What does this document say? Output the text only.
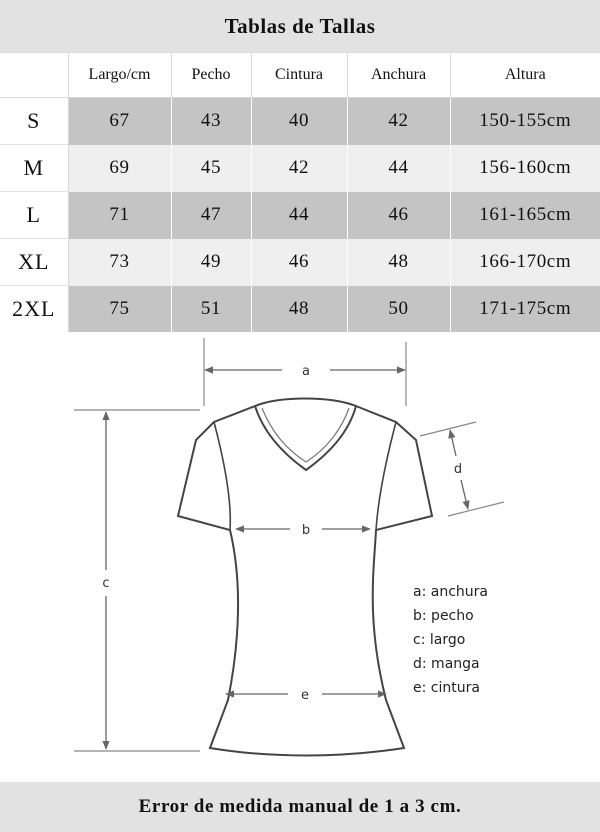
Tablas de Tallas
	Largo/cm	Pecho	Cintura	Anchura	Altura
S	67	43	40	42	150-155cm
M	69	45	42	44	156-160cm
L	71	47	44	46	161-165cm
XL	73	49	46	48	166-170cm
2XL	75	51	48	50	171-175cm
a
c
b
e
d
a: anchura
b: pecho
c: largo
d: manga
e: cintura
Error de medida manual de 1 a 3 cm.
